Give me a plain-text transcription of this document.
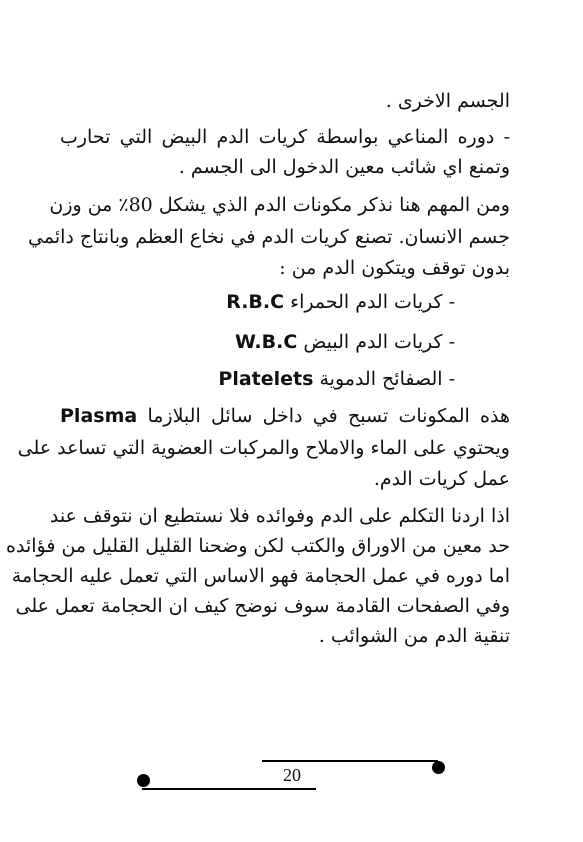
الجسم الاخرى .
- دوره المناعي بواسطة كريات الدم البيض التي تحارب
وتمنع اي شائب معين الدخول الى الجسم .
ومن المهم هنا نذكر مكونات الدم الذي يشكل 80٪ من وزن
جسم الانسان. تصنع كريات الدم في نخاع العظم وبانتاج دائمي
بدون توقف ويتكون الدم من :
- كريات الدم الحمراء R.B.C
- كريات الدم البيض W.B.C
- الصفائح الدموية Platelets
هذه المكونات تسبح في داخل سائل البلازما Plasma
ويحتوي على الماء والاملاح والمركبات العضوية التي تساعد على
عمل كريات الدم.
اذا اردنا التكلم على الدم وفوائده فلا نستطيع ان نتوقف عند
حد معين من الاوراق والكتب لكن وضحنا القليل القليل من فؤائده
اما دوره في عمل الحجامة فهو الاساس التي تعمل عليه الحجامة
وفي الصفحات القادمة سوف نوضح كيف ان الحجامة تعمل على
تنقية الدم من الشوائب .
20
